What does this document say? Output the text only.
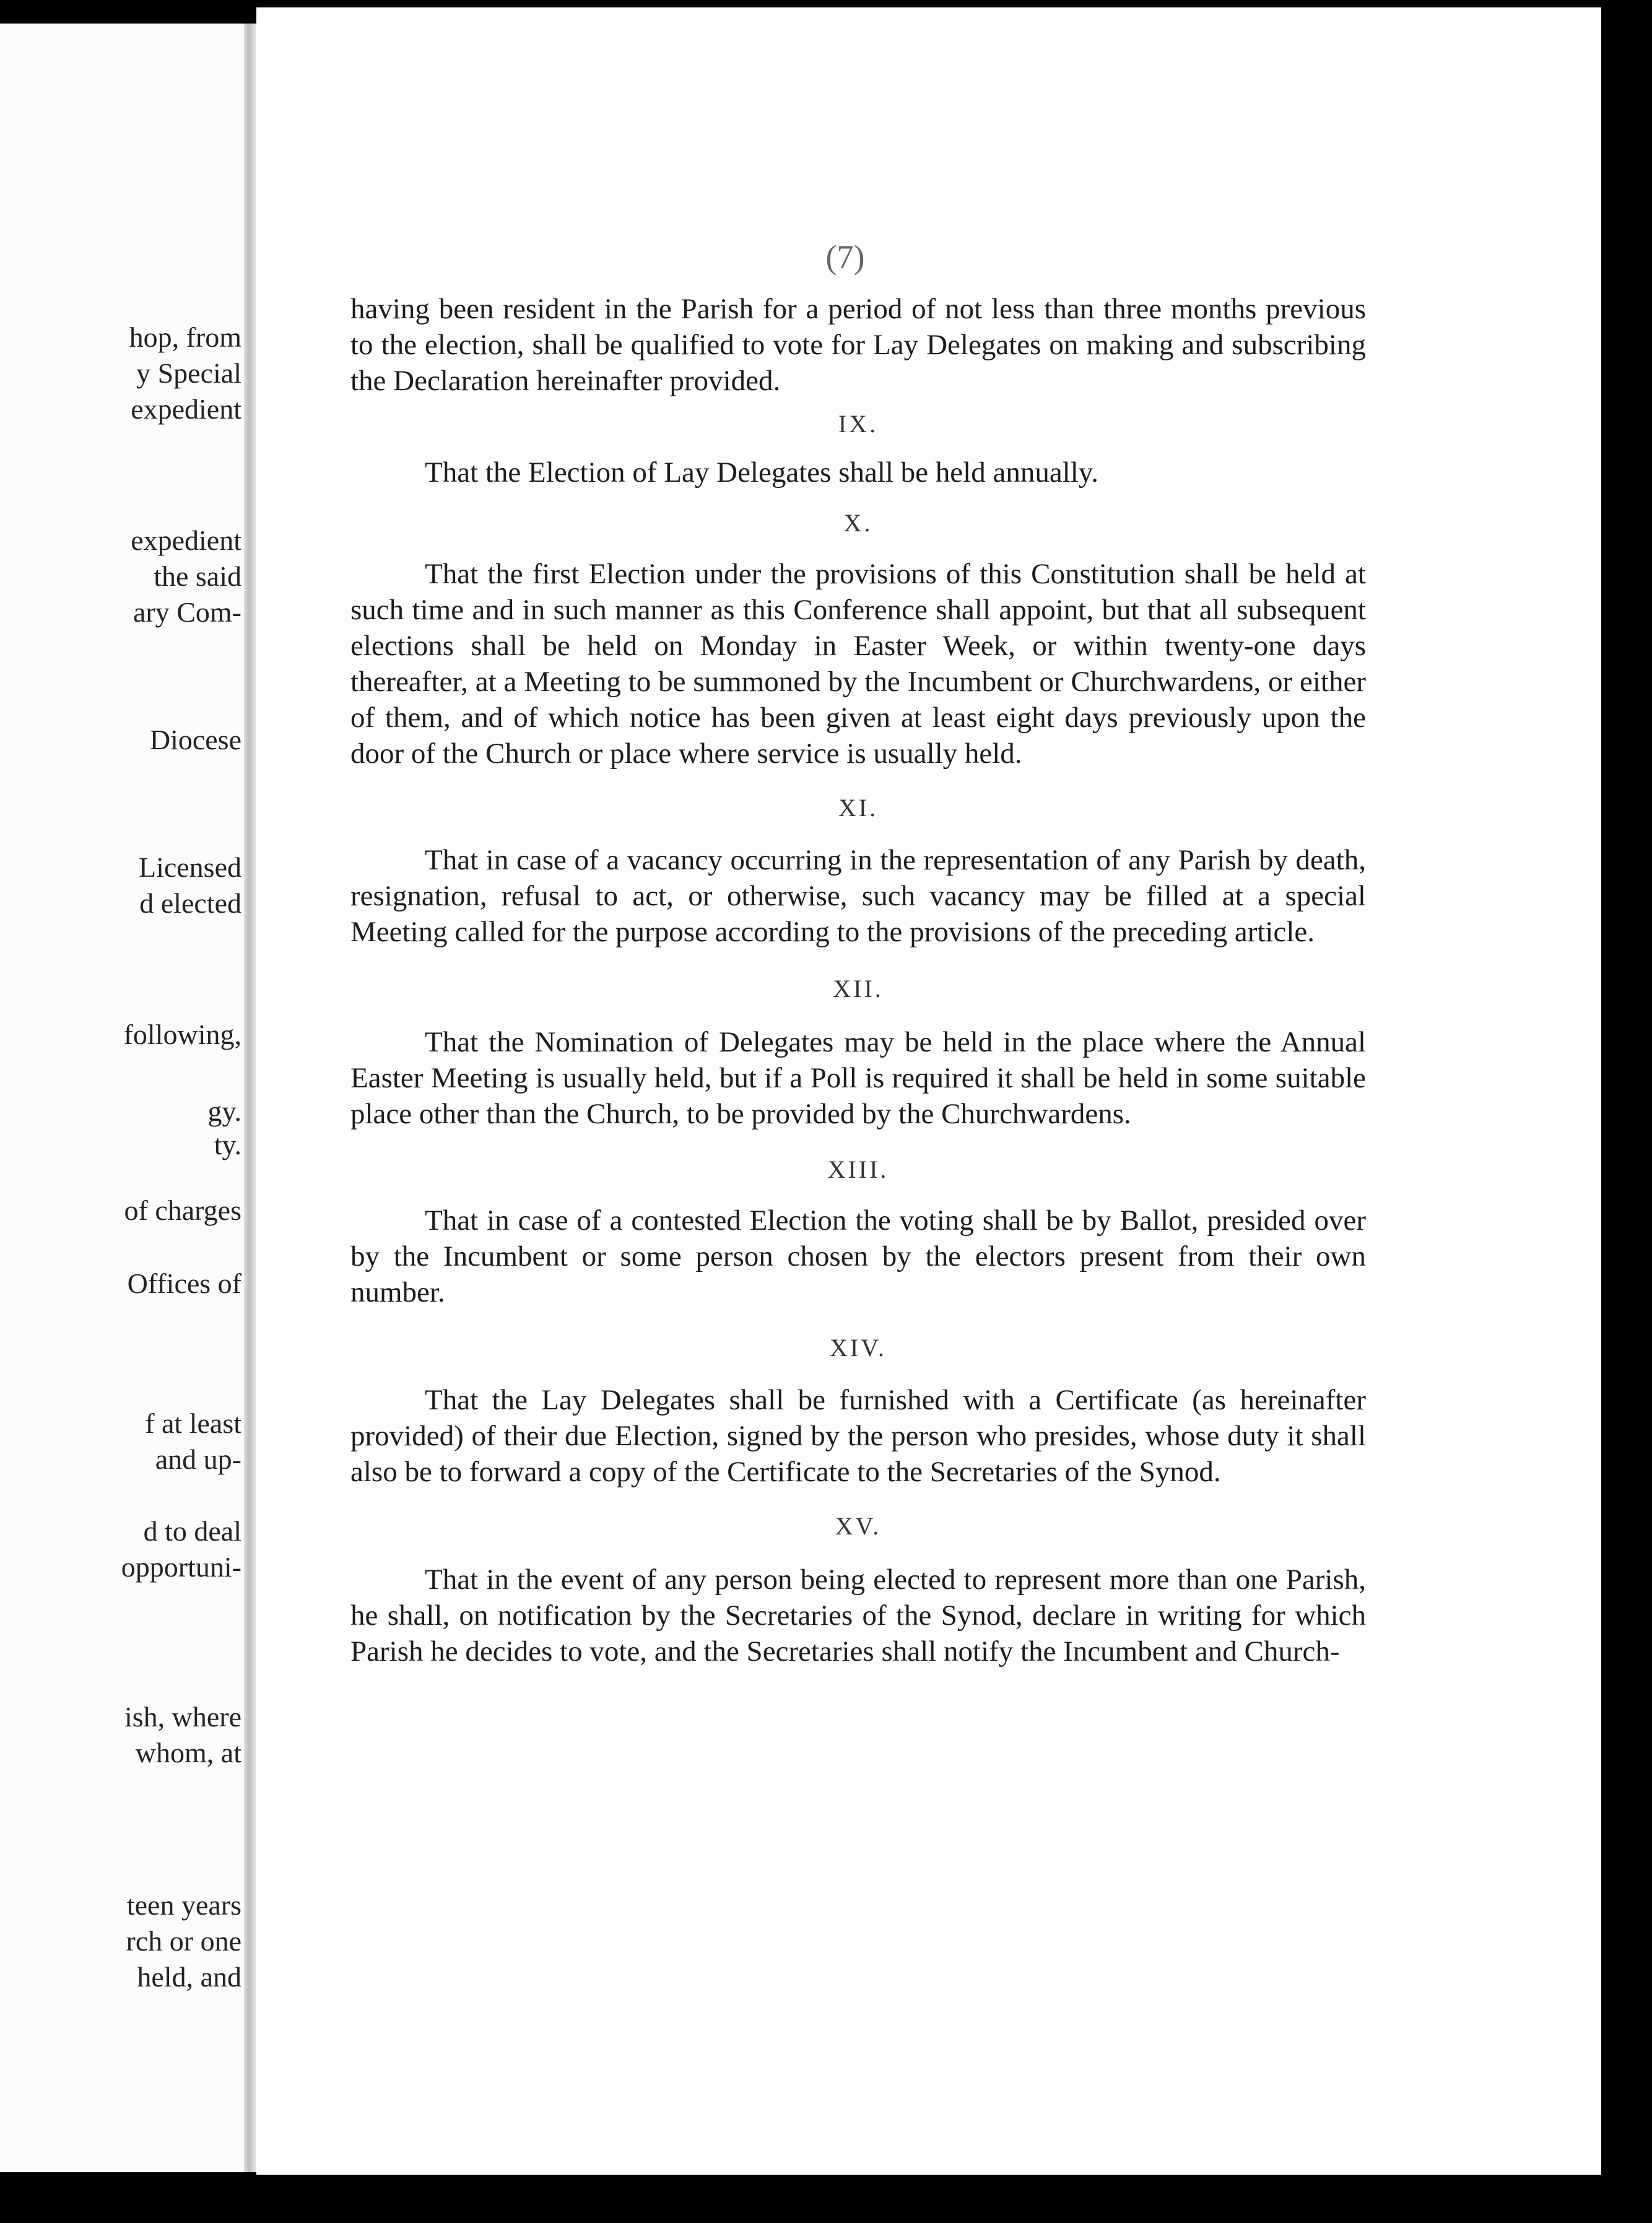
hop, from
y Special
expedient
expedient
the said
ary Com-
Diocese
Licensed
d elected
following,
gy.
ty.
of charges
Offices of
f at least
and up-
d to deal
opportuni-
ish, where
whom, at
teen years
rch or one
held, and
(7)

having been resident in the Parish for a period of not less than three months previous to the election, shall be qualified to vote for Lay Delegates on making and subscribing the Declaration hereinafter provided.

IX.

That the Election of Lay Delegates shall be held annually.

X.

That the first Election under the provisions of this Constitution shall be held at such time and in such manner as this Conference shall appoint, but that all subsequent elections shall be held on Monday in Easter Week, or within twenty-one days thereafter, at a Meeting to be summoned by the Incumbent or Churchwardens, or either of them, and of which notice has been given at least eight days previously upon the door of the Church or place where service is usually held.

XI.

That in case of a vacancy occurring in the representation of any Parish by death, resignation, refusal to act, or otherwise, such vacancy may be filled at a special Meeting called for the purpose according to the provisions of the preceding article.

XII.

That the Nomination of Delegates may be held in the place where the Annual Easter Meeting is usually held, but if a Poll is required it shall be held in some suitable place other than the Church, to be provided by the Churchwardens.

XIII.

That in case of a contested Election the voting shall be by Ballot, presided over by the Incumbent or some person chosen by the electors present from their own number.

XIV.

That the Lay Delegates shall be furnished with a Certificate (as hereinafter provided) of their due Election, signed by the person who presides, whose duty it shall also be to forward a copy of the Certificate to the Secretaries of the Synod.

XV.

That in the event of any person being elected to represent more than one Parish, he shall, on notification by the Secretaries of the Synod, declare in writing for which Parish he decides to vote, and the Secretaries shall notify the Incumbent and Church-
